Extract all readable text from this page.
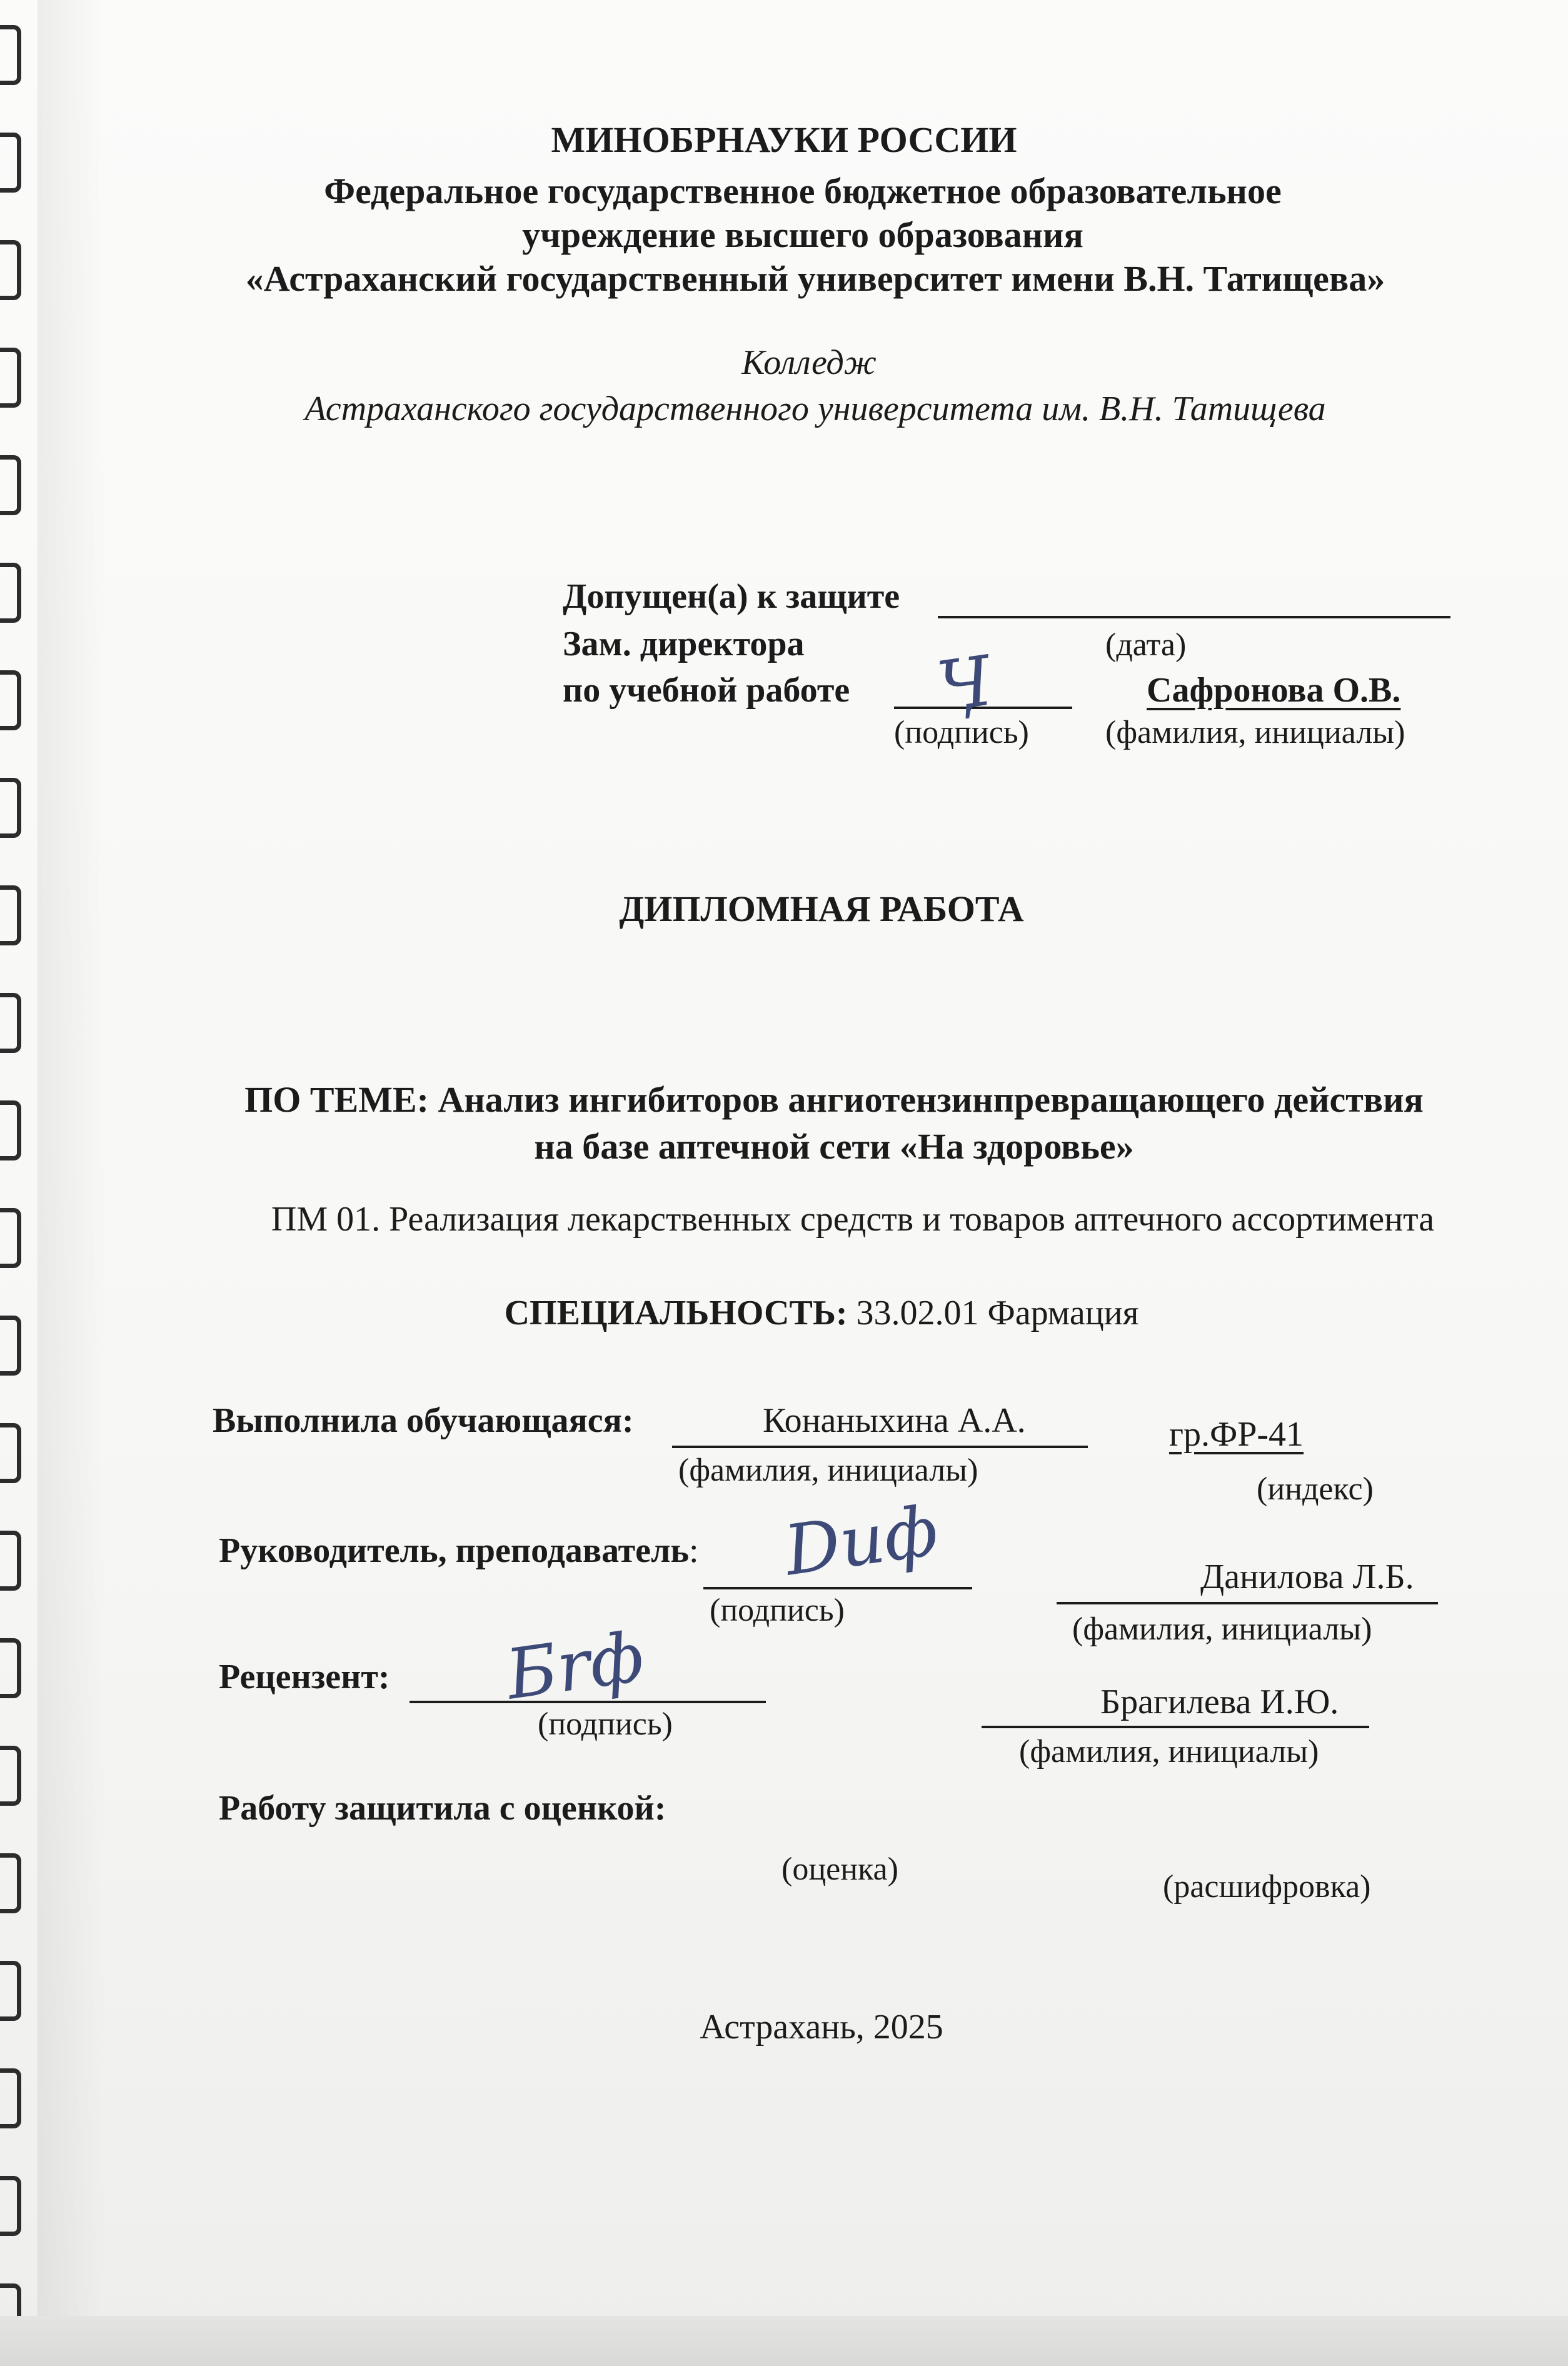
МИНОБРНАУКИ РОССИИ
Федеральное государственное бюджетное образовательное
учреждение высшего образования
«Астраханский государственный университет имени В.Н. Татищева»
Колледж
Астраханского государственного университета им. В.Н. Татищева
Допущен(а) к защите
Зам. директора	(дата)
по учебной работе Ӌ	Сафронова О.В.
(подпись) (фамилия, инициалы)
ДИПЛОМНАЯ РАБОТА
ПО ТЕМЕ: Анализ ингибиторов ангиотензинпревращающего действия
на базе аптечной сети «На здоровье»
ПМ 01. Реализация лекарственных средств и товаров аптечного ассортимента
СПЕЦИАЛЬНОСТЬ: 33.02.01 Фармация
Выполнила обучающаяся:	Конаныхина А.А.	гр.ФР-41
(фамилия, инициалы)
(индекс)
Руководитель, преподаватель: Dиф	Данилова Л.Б.
(подпись)
(фамилия, инициалы)
Рецензент: Бrф
(подпись)
Брагилева И.Ю.
(фамилия, инициалы)
Работу защитила с оценкой:
(оценка)	(расшифровка)
Астрахань, 2025
